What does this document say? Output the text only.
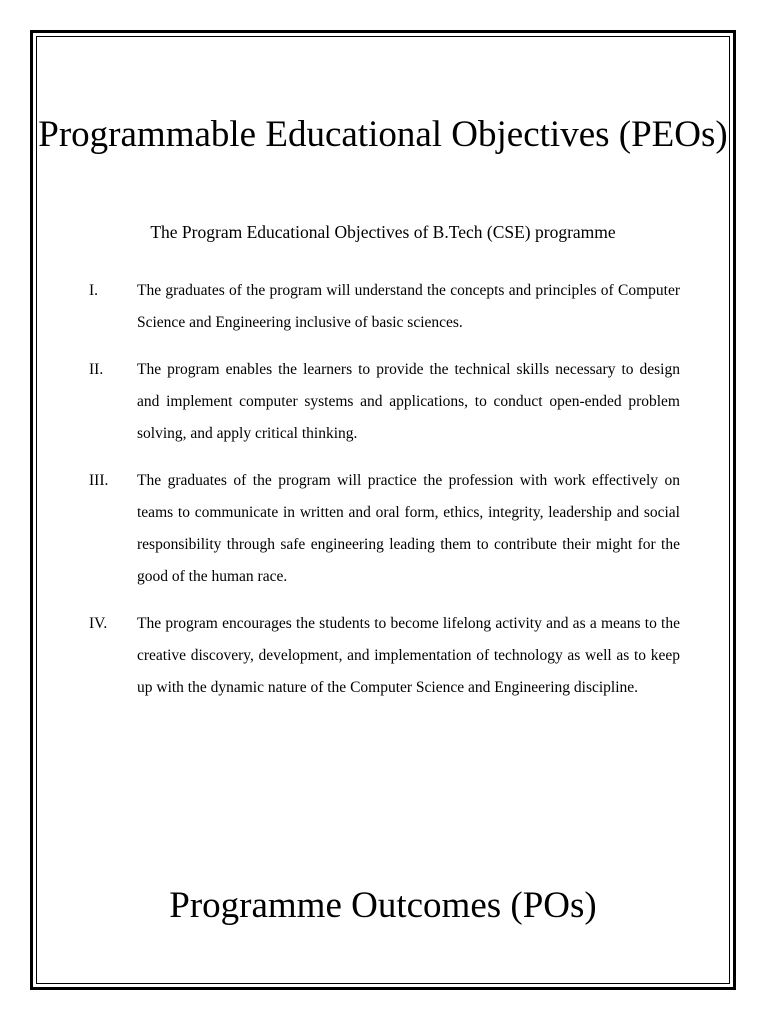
Programmable Educational Objectives (PEOs)

The Program Educational Objectives of B.Tech (CSE) programme

I.	The graduates of the program will understand the concepts and principles of Computer Science and Engineering inclusive of basic sciences.
II.	The program enables the learners to provide the technical skills necessary to design and implement computer systems and applications, to conduct open-ended problem solving, and apply critical thinking.
III.	The graduates of the program will practice the profession with work effectively on teams to communicate in written and oral form, ethics, integrity, leadership and social responsibility through safe engineering leading them to contribute their might for the good of the human race.
IV.	The program encourages the students to become lifelong activity and as a means to the creative discovery, development, and implementation of technology as well as to keep up with the dynamic nature of the Computer Science and Engineering discipline.
Programme Outcomes (POs)
